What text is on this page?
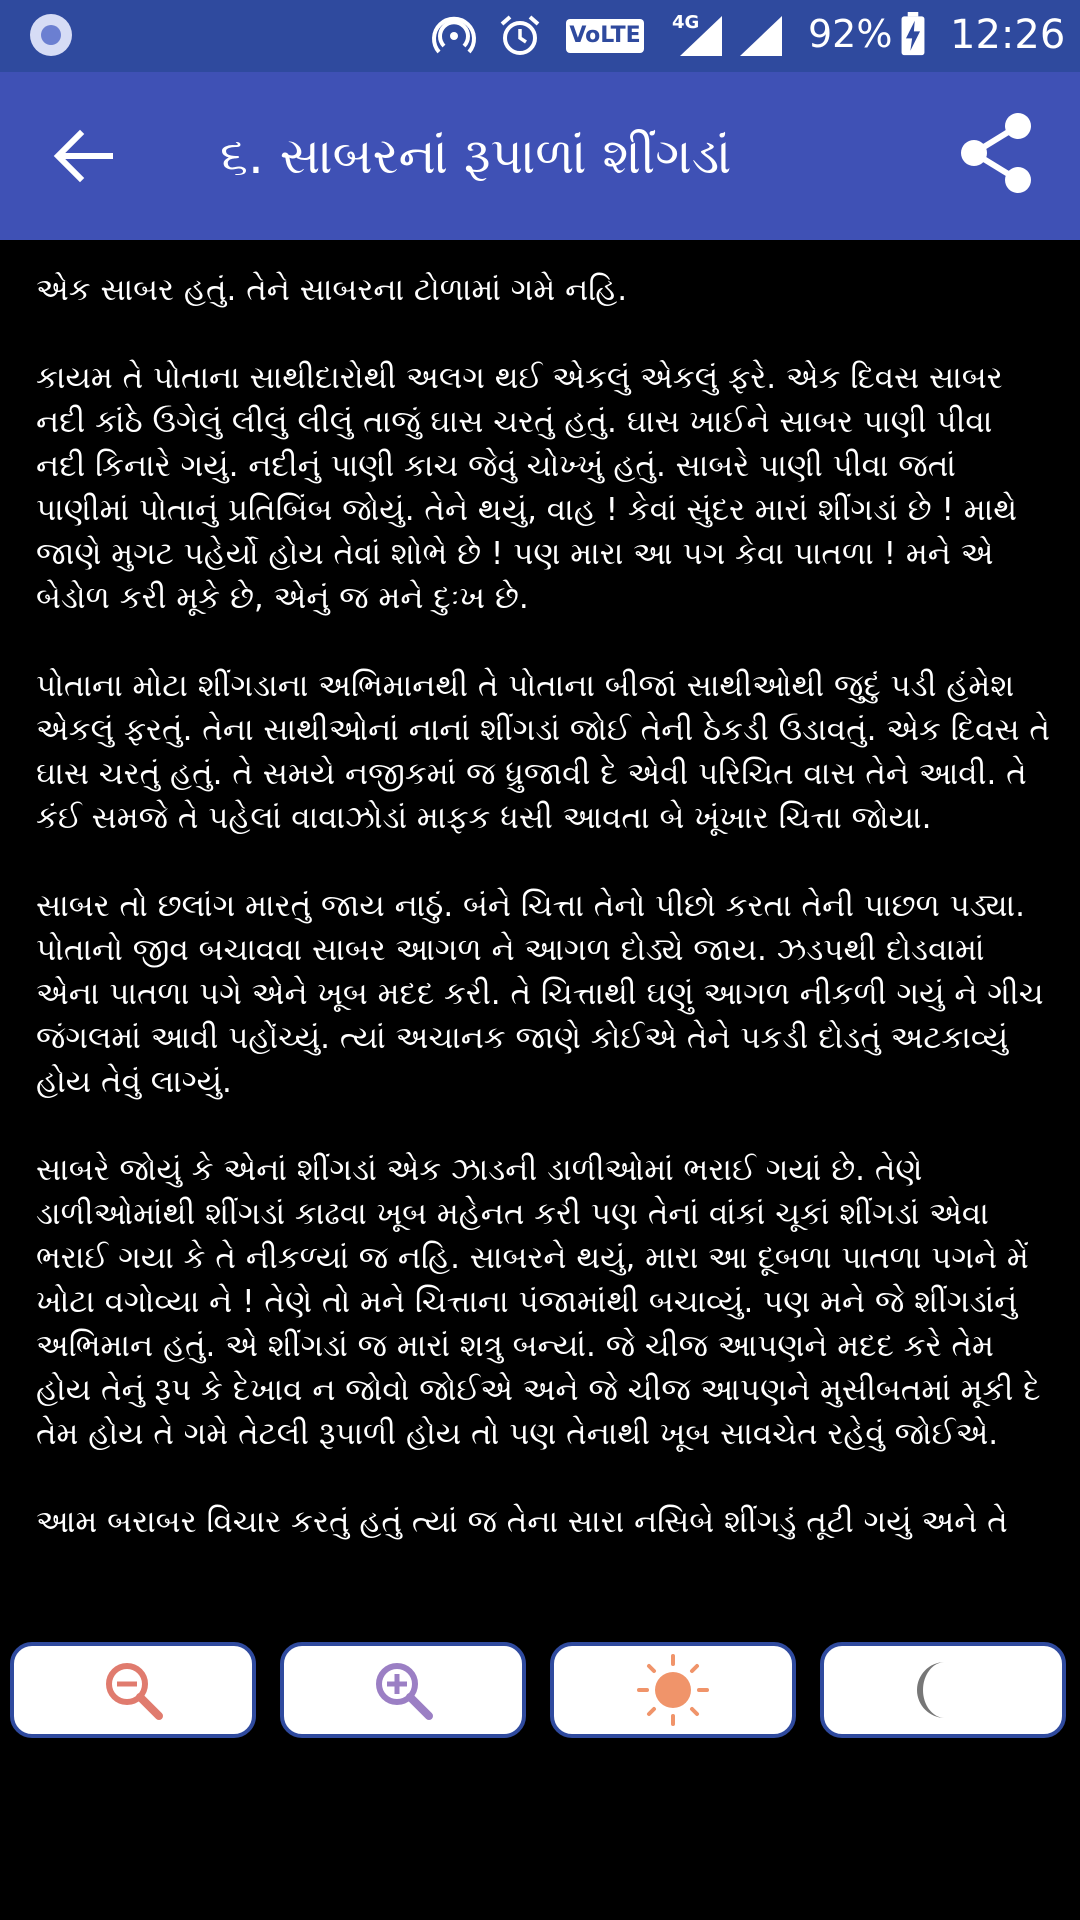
VoLTE
4G	92% 12:26
૬. સાબરનાં રૂપાળાં શીંગડાં

એક સાબર હતું. તેને સાબરના ટોળામાં ગમે નહિ.

કાયમ તે પોતાના સાથીદારોથી અલગ થઈ એકલું એકલું ફરે. એક દિવસ સાબર નદી કાંઠે ઉગેલું લીલું લીલું તાજું ઘાસ ચરતું હતું. ઘાસ ખાઈને સાબર પાણી પીવા નદી કિનારે ગયું. નદીનું પાણી કાચ જેવું ચોખ્ખું હતું. સાબરે પાણી પીવા જતાં પાણીમાં પોતાનું પ્રતિબિંબ જોયું. તેને થયું, વાહ ! કેવાં સુંદર મારાં શીંગડાં છે ! માથે જાણે મુગટ પહેર્યો હોય તેવાં શોભે છે ! પણ મારા આ પગ કેવા પાતળા ! મને એ બેડોળ કરી મૂકે છે, એનું જ મને દુઃખ છે.

પોતાના મોટા શીંગડાના અભિમાનથી તે પોતાના બીજાં સાથીઓથી જુદું પડી હંમેશ એકલું ફરતું. તેના સાથીઓનાં નાનાં શીંગડાં જોઈ તેની ઠેકડી ઉડાવતું. એક દિવસ તે ઘાસ ચરતું હતું. તે સમયે નજીકમાં જ ધ્રુજાવી દે એવી પરિચિત વાસ તેને આવી. તે કંઈ સમજે તે પહેલાં વાવાઝોડાં માફક ધસી આવતા બે ખૂંખાર ચિત્તા જોયા.

સાબર તો છલાંગ મારતું જાય નાઠું. બંને ચિત્તા તેનો પીછો કરતા તેની પાછળ પડ્યા. પોતાનો જીવ બચાવવા સાબર આગળ ને આગળ દોડ્યે જાય. ઝડપથી દોડવામાં એના પાતળા પગે એને ખૂબ મદદ કરી. તે ચિત્તાથી ઘણું આગળ નીકળી ગયું ને ગીચ જંગલમાં આવી પહોંચ્યું. ત્યાં અચાનક જાણે કોઈએ તેને પકડી દોડતું અટકાવ્યું હોય તેવું લાગ્યું.

સાબરે જોયું કે એનાં શીંગડાં એક ઝાડની ડાળીઓમાં ભરાઈ ગયાં છે. તેણે ડાળીઓમાંથી શીંગડાં કાઢવા ખૂબ મહેનત કરી પણ તેનાં વાંકાં ચૂકાં શીંગડાં એવા ભરાઈ ગયા કે તે નીકળ્યાં જ નહિ. સાબરને થયું, મારા આ દૂબળા પાતળા પગને મેં ખોટા વગોવ્યા ને ! તેણે તો મને ચિત્તાના પંજામાંથી બચાવ્યું. પણ મને જે શીંગડાંનું અભિમાન હતું. એ શીંગડાં જ મારાં શત્રુ બન્યાં. જે ચીજ આપણને મદદ કરે તેમ હોય તેનું રૂપ કે દેખાવ ન જોવો જોઈએ અને જે ચીજ આપણને મુસીબતમાં મૂકી દે તેમ હોય તે ગમે તેટલી રૂપાળી હોય તો પણ તેનાથી ખૂબ સાવચેત રહેવું જોઈએ.

આમ બરાબર વિચાર કરતું હતું ત્યાં જ તેના સારા નસિબે શીંગડું તૂટી ગયું અને તે
